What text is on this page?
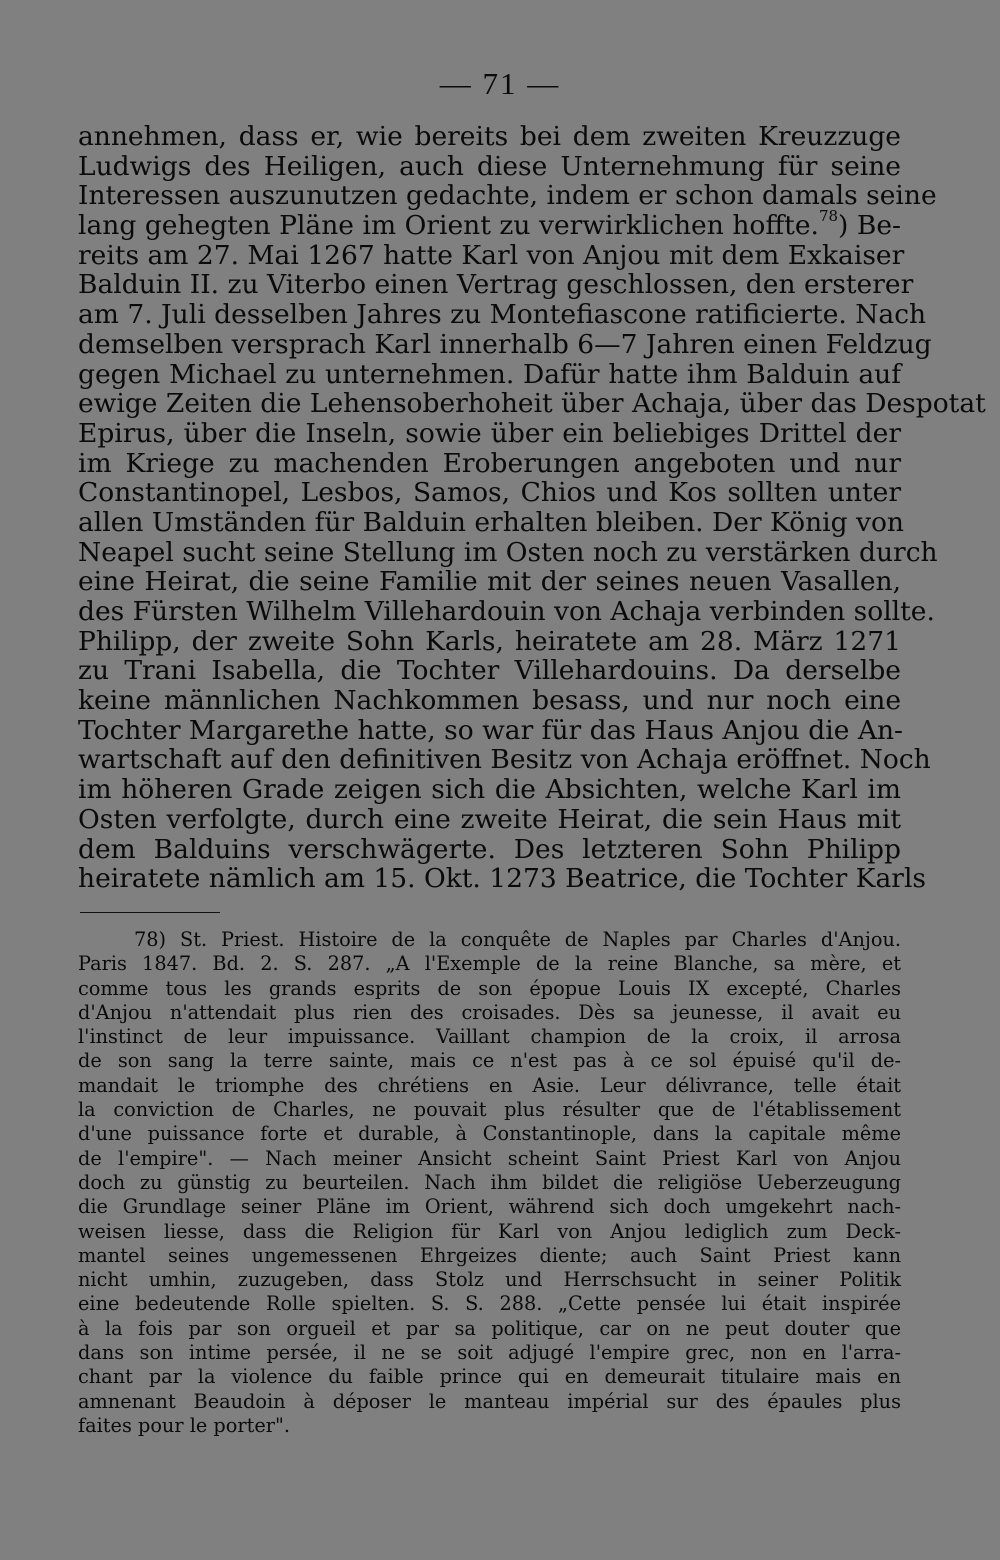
— 71 —
annehmen, dass er, wie bereits bei dem zweiten Kreuzzuge
Ludwigs des Heiligen, auch diese Unternehmung für seine
Interessen auszunutzen gedachte, indem er schon damals seine
lang gehegten Pläne im Orient zu verwirklichen hoffte.$^{78}$) Be-
reits am 27. Mai 1267 hatte Karl von Anjou mit dem Exkaiser
Balduin II. zu Viterbo einen Vertrag geschlossen, den ersterer
am 7. Juli desselben Jahres zu Montefiascone ratificierte. Nach
demselben versprach Karl innerhalb 6—7 Jahren einen Feldzug
gegen Michael zu unternehmen. Dafür hatte ihm Balduin auf
ewige Zeiten die Lehensoberhoheit über Achaja, über das Despotat
Epirus, über die Inseln, sowie über ein beliebiges Drittel der
im Kriege zu machenden Eroberungen angeboten und nur
Constantinopel, Lesbos, Samos, Chios und Kos sollten unter
allen Umständen für Balduin erhalten bleiben. Der König von
Neapel sucht seine Stellung im Osten noch zu verstärken durch
eine Heirat, die seine Familie mit der seines neuen Vasallen,
des Fürsten Wilhelm Villehardouin von Achaja verbinden sollte.
Philipp, der zweite Sohn Karls, heiratete am 28. März 1271
zu Trani Isabella, die Tochter Villehardouins. Da derselbe
keine männlichen Nachkommen besass, und nur noch eine
Tochter Margarethe hatte, so war für das Haus Anjou die An-
wartschaft auf den definitiven Besitz von Achaja eröffnet. Noch
im höheren Grade zeigen sich die Absichten, welche Karl im
Osten verfolgte, durch eine zweite Heirat, die sein Haus mit
dem Balduins verschwägerte. Des letzteren Sohn Philipp
heiratete nämlich am 15. Okt. 1273 Beatrice, die Tochter Karls
78) St. Priest. Histoire de la conquête de Naples par Charles d'Anjou.
Paris 1847. Bd. 2. S. 287. „A l'Exemple de la reine Blanche, sa mère, et
comme tous les grands esprits de son épopue Louis IX excepté, Charles
d'Anjou n'attendait plus rien des croisades. Dès sa jeunesse, il avait eu
l'instinct de leur impuissance. Vaillant champion de la croix, il arrosa
de son sang la terre sainte, mais ce n'est pas à ce sol épuisé qu'il de-
mandait le triomphe des chrétiens en Asie. Leur délivrance, telle était
la conviction de Charles, ne pouvait plus résulter que de l'établissement
d'une puissance forte et durable, à Constantinople, dans la capitale même
de l'empire". — Nach meiner Ansicht scheint Saint Priest Karl von Anjou
doch zu günstig zu beurteilen. Nach ihm bildet die religiöse Ueberzeugung
die Grundlage seiner Pläne im Orient, während sich doch umgekehrt nach-
weisen liesse, dass die Religion für Karl von Anjou lediglich zum Deck-
mantel seines ungemessenen Ehrgeizes diente; auch Saint Priest kann
nicht umhin, zuzugeben, dass Stolz und Herrschsucht in seiner Politik
eine bedeutende Rolle spielten. S. S. 288. „Cette pensée lui était inspirée
à la fois par son orgueil et par sa politique, car on ne peut douter que
dans son intime persée, il ne se soit adjugé l'empire grec, non en l'arra-
chant par la violence du faible prince qui en demeurait titulaire mais en
amnenant Beaudoin à déposer le manteau impérial sur des épaules plus
faites pour le porter".
